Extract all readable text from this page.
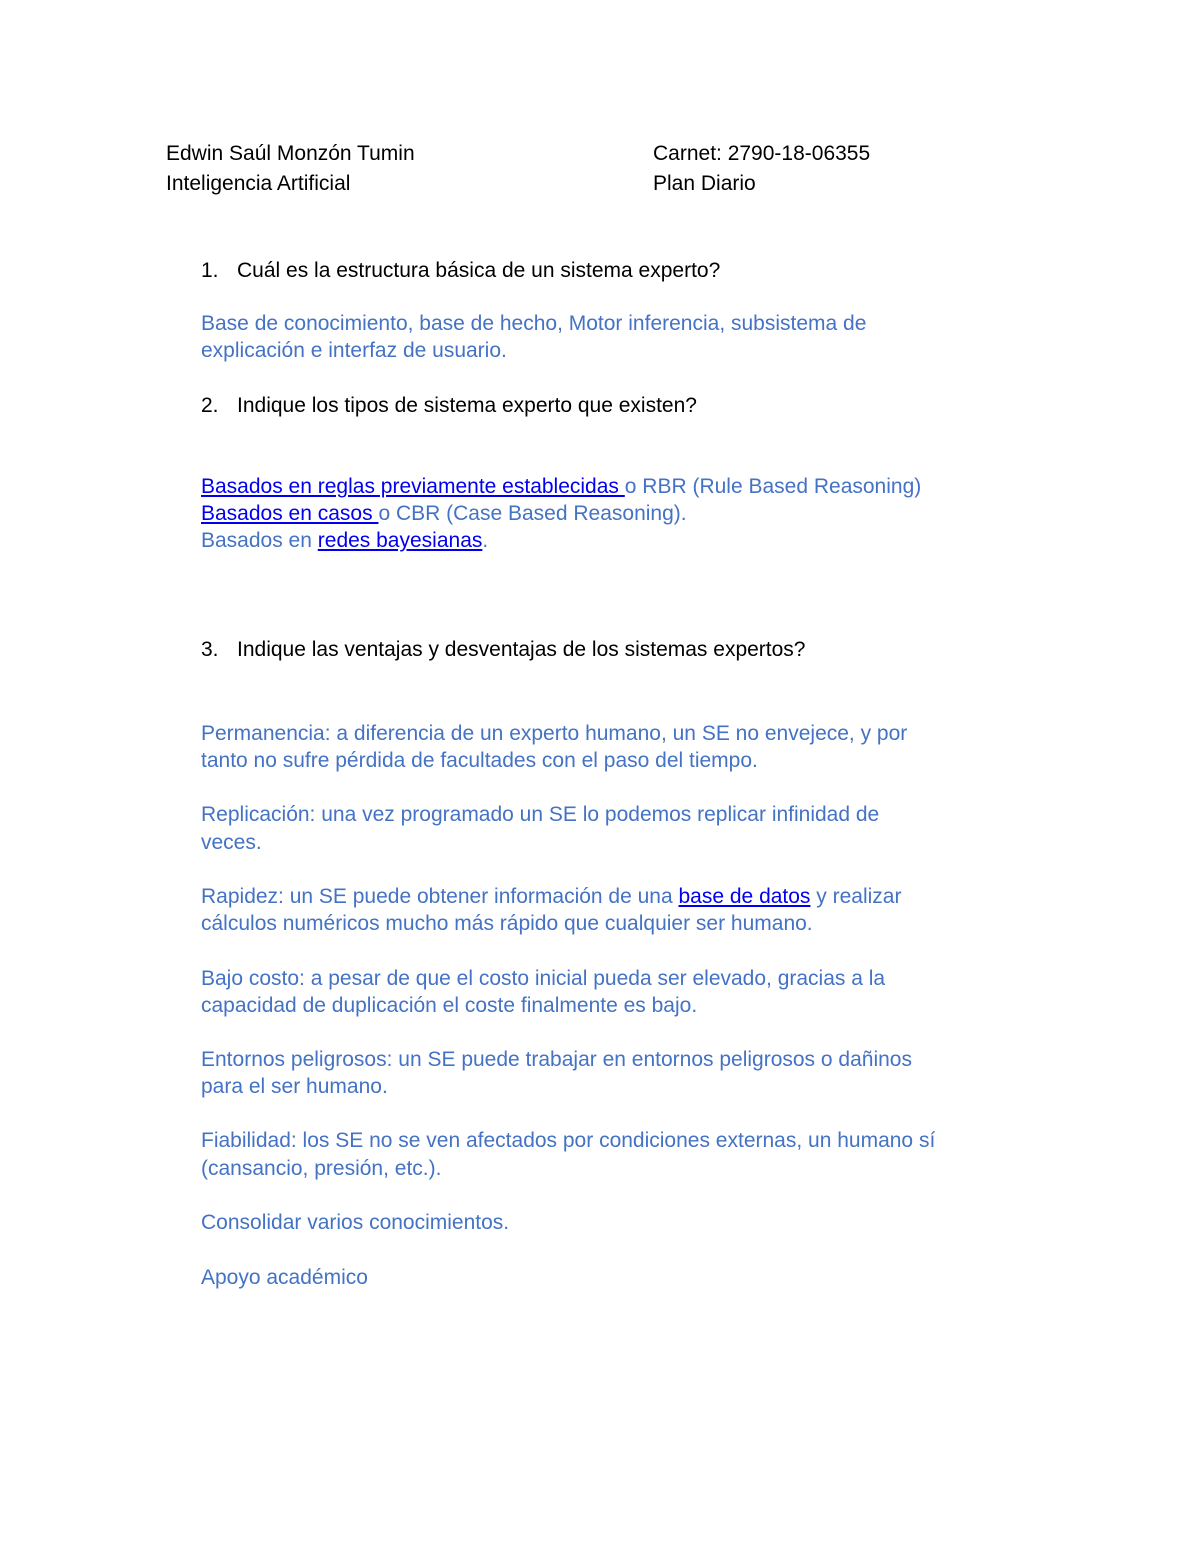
Edwin Saúl Monzón Tumin
Inteligencia Artificial
Carnet: 2790-18-06355
Plan Diario
1. Cuál es la estructura básica de un sistema experto?
Base de conocimiento, base de hecho, Motor inferencia, subsistema de
explicación e interfaz de usuario.
2. Indique los tipos de sistema experto que existen?
Basados en reglas previamente establecidas o RBR (Rule Based Reasoning)
Basados en casos o CBR (Case Based Reasoning).
Basados en redes bayesianas.
3. Indique las ventajas y desventajas de los sistemas expertos?
Permanencia: a diferencia de un experto humano, un SE no envejece, y por
tanto no sufre pérdida de facultades con el paso del tiempo.
Replicación: una vez programado un SE lo podemos replicar infinidad de
veces.
Rapidez: un SE puede obtener información de una base de datos y realizar
cálculos numéricos mucho más rápido que cualquier ser humano.
Bajo costo: a pesar de que el costo inicial pueda ser elevado, gracias a la
capacidad de duplicación el coste finalmente es bajo.
Entornos peligrosos: un SE puede trabajar en entornos peligrosos o dañinos
para el ser humano.
Fiabilidad: los SE no se ven afectados por condiciones externas, un humano sí
(cansancio, presión, etc.).
Consolidar varios conocimientos.
Apoyo académico
